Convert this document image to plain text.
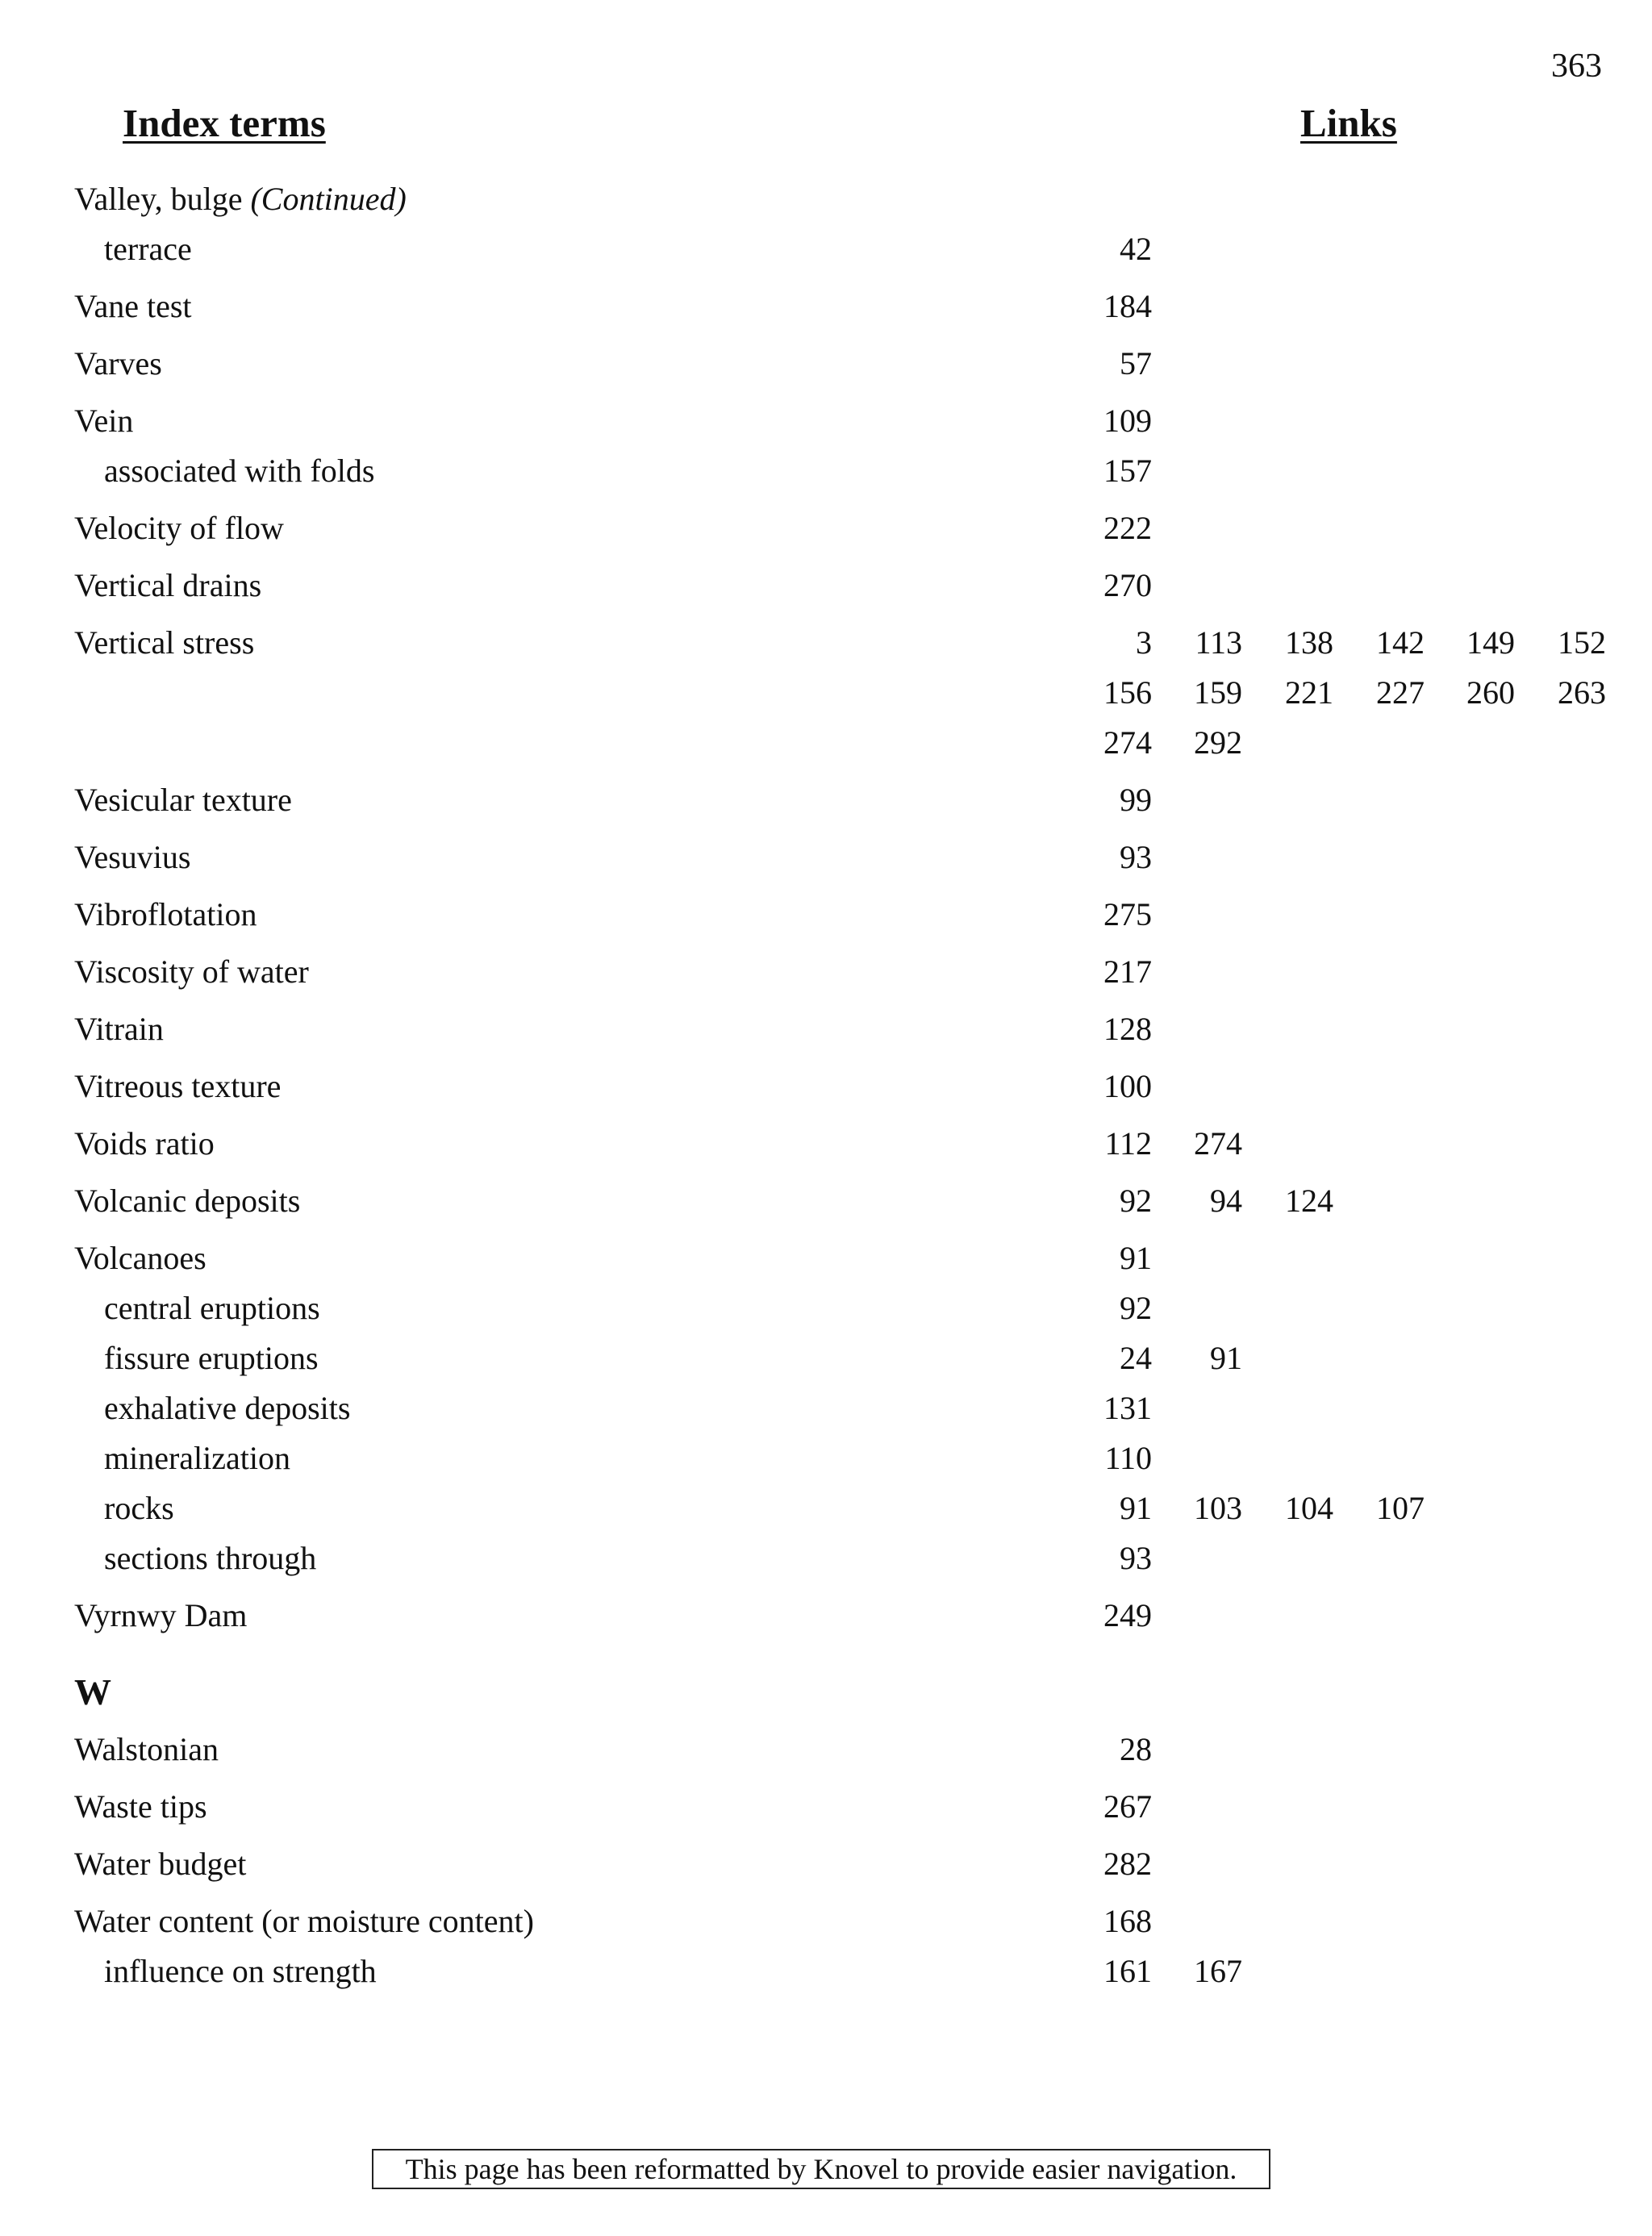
363
Index terms	Links
Valley, bulge (Continued)
terrace	42
Vane test	184
Varves	57
Vein	109
associated with folds	157
Velocity of flow	222
Vertical drains	270
Vertical stress	3	113	138	142	149	152
156	159	221	227	260	263
274	292
Vesicular texture	99
Vesuvius	93
Vibroflotation	275
Viscosity of water	217
Vitrain	128
Vitreous texture	100
Voids ratio	112	274
Volcanic deposits	92	94	124
Volcanoes	91
central eruptions	92
fissure eruptions	24	91
exhalative deposits	131
mineralization	110
rocks	91	103	104	107
sections through	93
Vyrnwy Dam	249
W
Walstonian	28
Waste tips	267
Water budget	282
Water content (or moisture content)	168
influence on strength	161	167
This page has been reformatted by Knovel to provide easier navigation.
